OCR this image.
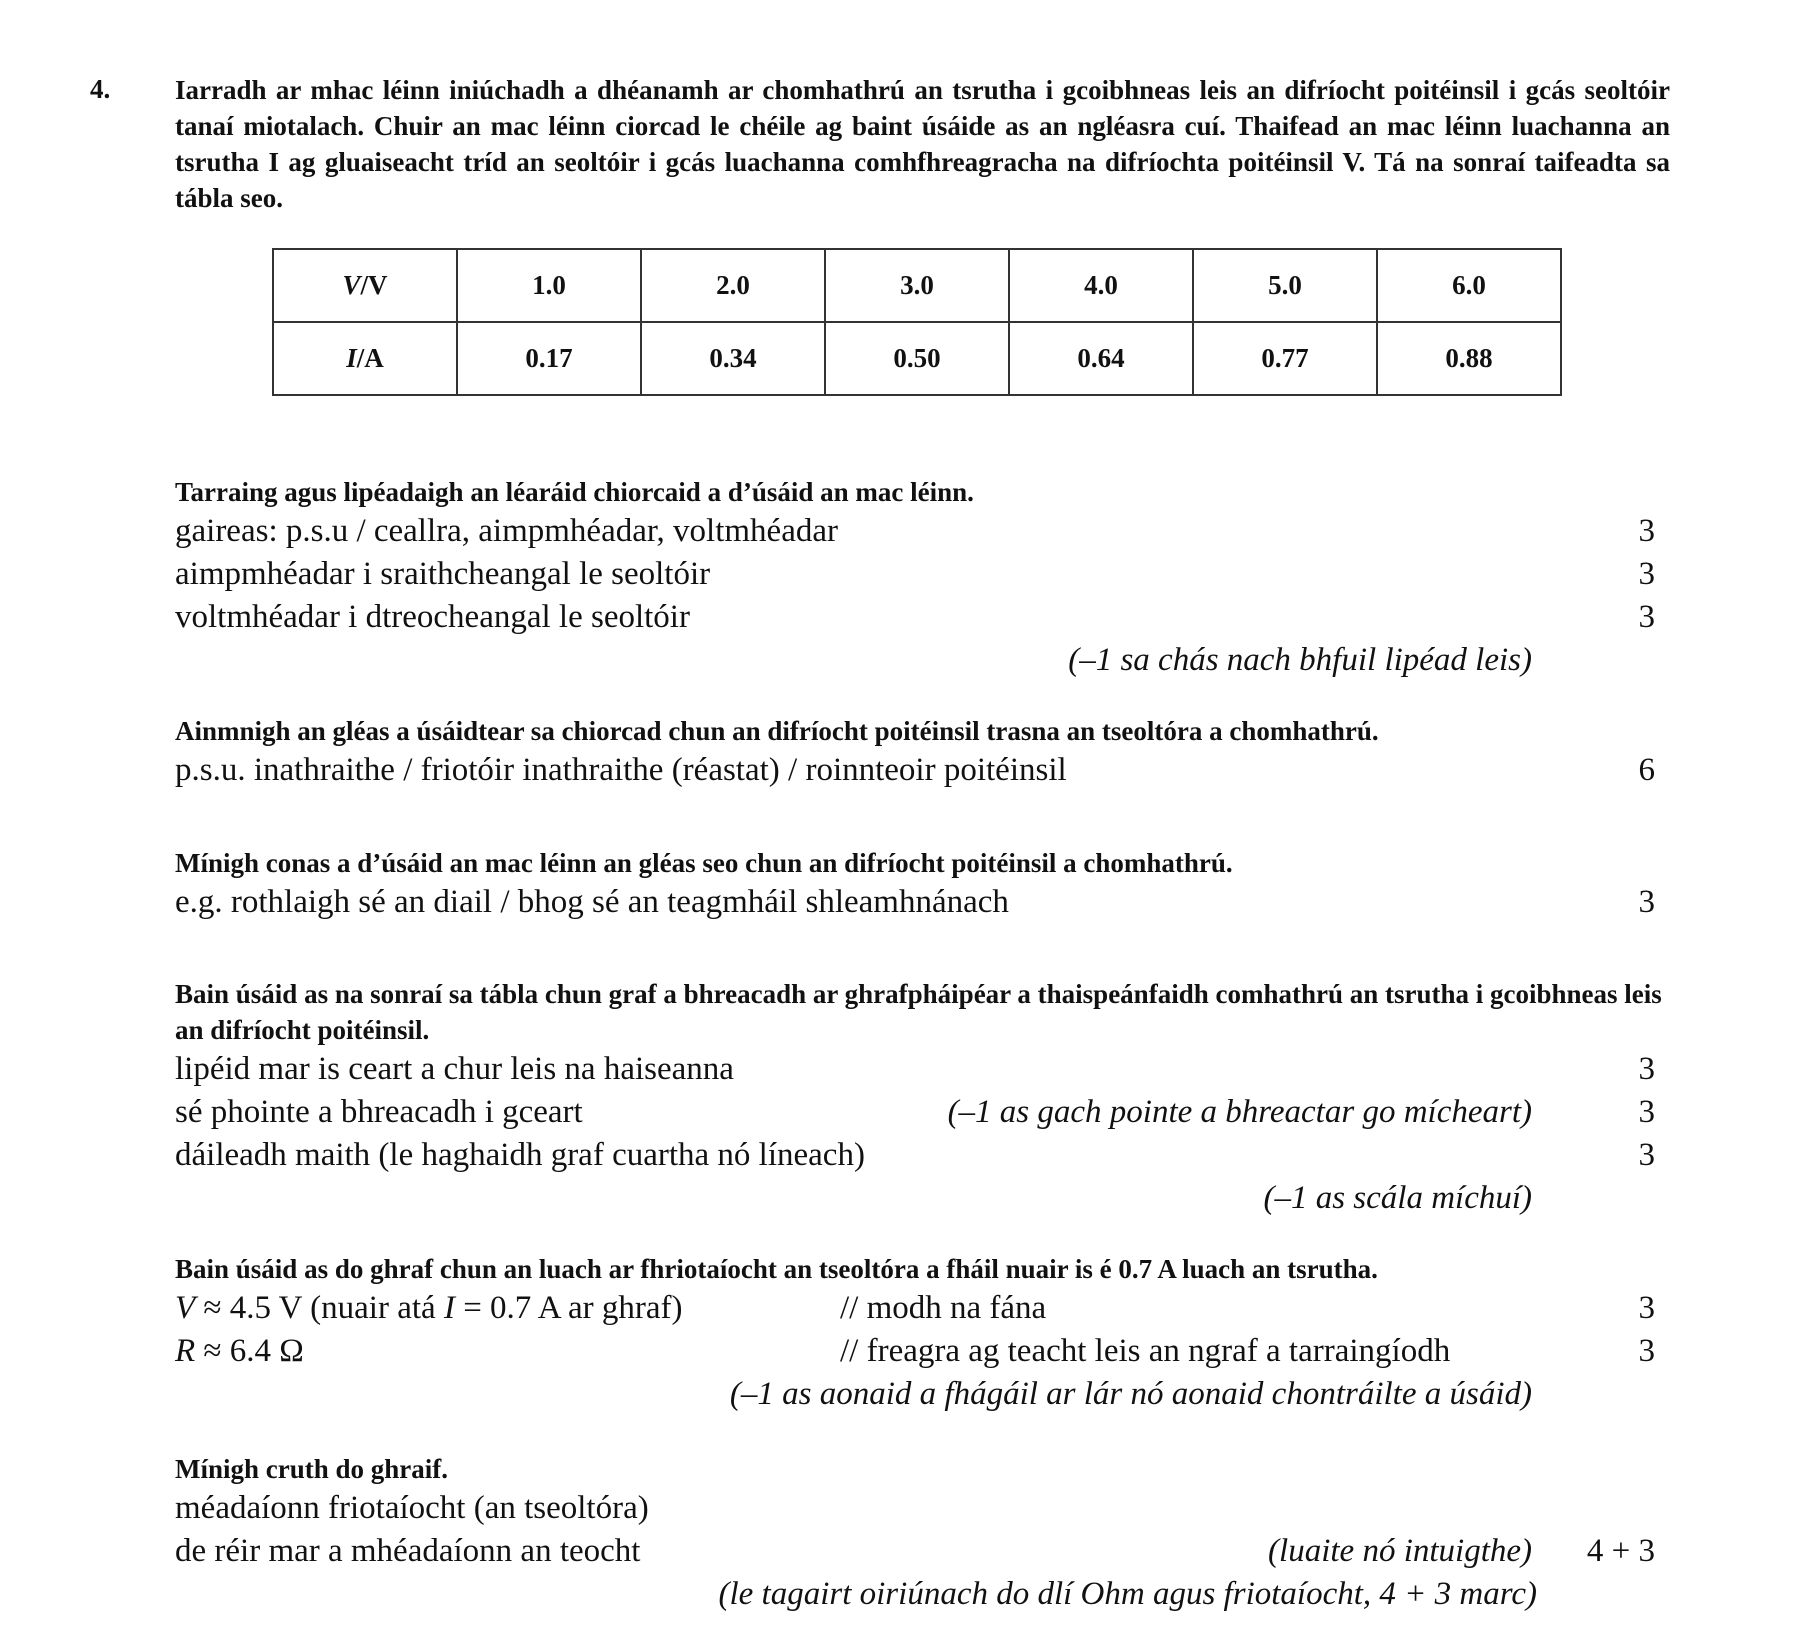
4. Iarradh ar mhac léinn iniúchadh a dhéanamh ar chomhathrú an tsrutha i gcoibhneas leis an difríocht poitéinsil i gcás seoltóir tanaí miotalach. Chuir an mac léinn ciorcad le chéile ag baint úsáide as an ngléasra cuí. Thaifead an mac léinn luachanna an tsrutha I ag gluaiseacht tríd an seoltóir i gcás luachanna comhfhreagracha na difríochta poitéinsil V. Tá na sonraí taifeadta sa tábla seo.
V/V	1.0	2.0	3.0	4.0	5.0	6.0
I/A	0.17	0.34	0.50	0.64	0.77	0.88
Tarraing agus lipéadaigh an léaráid chiorcaid a d’úsáid an mac léinn.
gaireas: p.s.u / ceallra, aimpmhéadar, voltmhéadar	3
aimpmhéadar i sraithcheangal le seoltóir	3
voltmhéadar i dtreocheangal le seoltóir	3
(–1 sa chás nach bhfuil lipéad leis)
Ainmnigh an gléas a úsáidtear sa chiorcad chun an difríocht poitéinsil trasna an tseoltóra a chomhathrú.
p.s.u. inathraithe / friotóir inathraithe (réastat) / roinnteoir poitéinsil	6
Mínigh conas a d’úsáid an mac léinn an gléas seo chun an difríocht poitéinsil a chomhathrú.
e.g. rothlaigh sé an diail / bhog sé an teagmháil shleamhnánach	3
Bain úsáid as na sonraí sa tábla chun graf a bhreacadh ar ghrafpháipéar a thaispeánfaidh comhathrú an tsrutha i gcoibhneas leis an difríocht poitéinsil.
lipéid mar is ceart a chur leis na haiseanna	3
sé phointe a bhreacadh i gceart	(–1 as gach pointe a bhreactar go mícheart)	3
dáileadh maith (le haghaidh graf cuartha nó líneach)	3
(–1 as scála míchuí)
Bain úsáid as do ghraf chun an luach ar fhriotaíocht an tseoltóra a fháil nuair is é 0.7 A luach an tsrutha.
V ≈ 4.5 V (nuair atá I = 0.7 A ar ghraf)	// modh na fána	3
R ≈ 6.4 Ω	// freagra ag teacht leis an ngraf a tarraingíodh	3
(–1 as aonaid a fhágáil ar lár nó aonaid chontráilte a úsáid)
Mínigh cruth do ghraif.
méadaíonn friotaíocht (an tseoltóra)
de réir mar a mhéadaíonn an teocht	(luaite nó intuigthe) 4 + 3
(le tagairt oiriúnach do dlí Ohm agus friotaíocht, 4 + 3 marc)
